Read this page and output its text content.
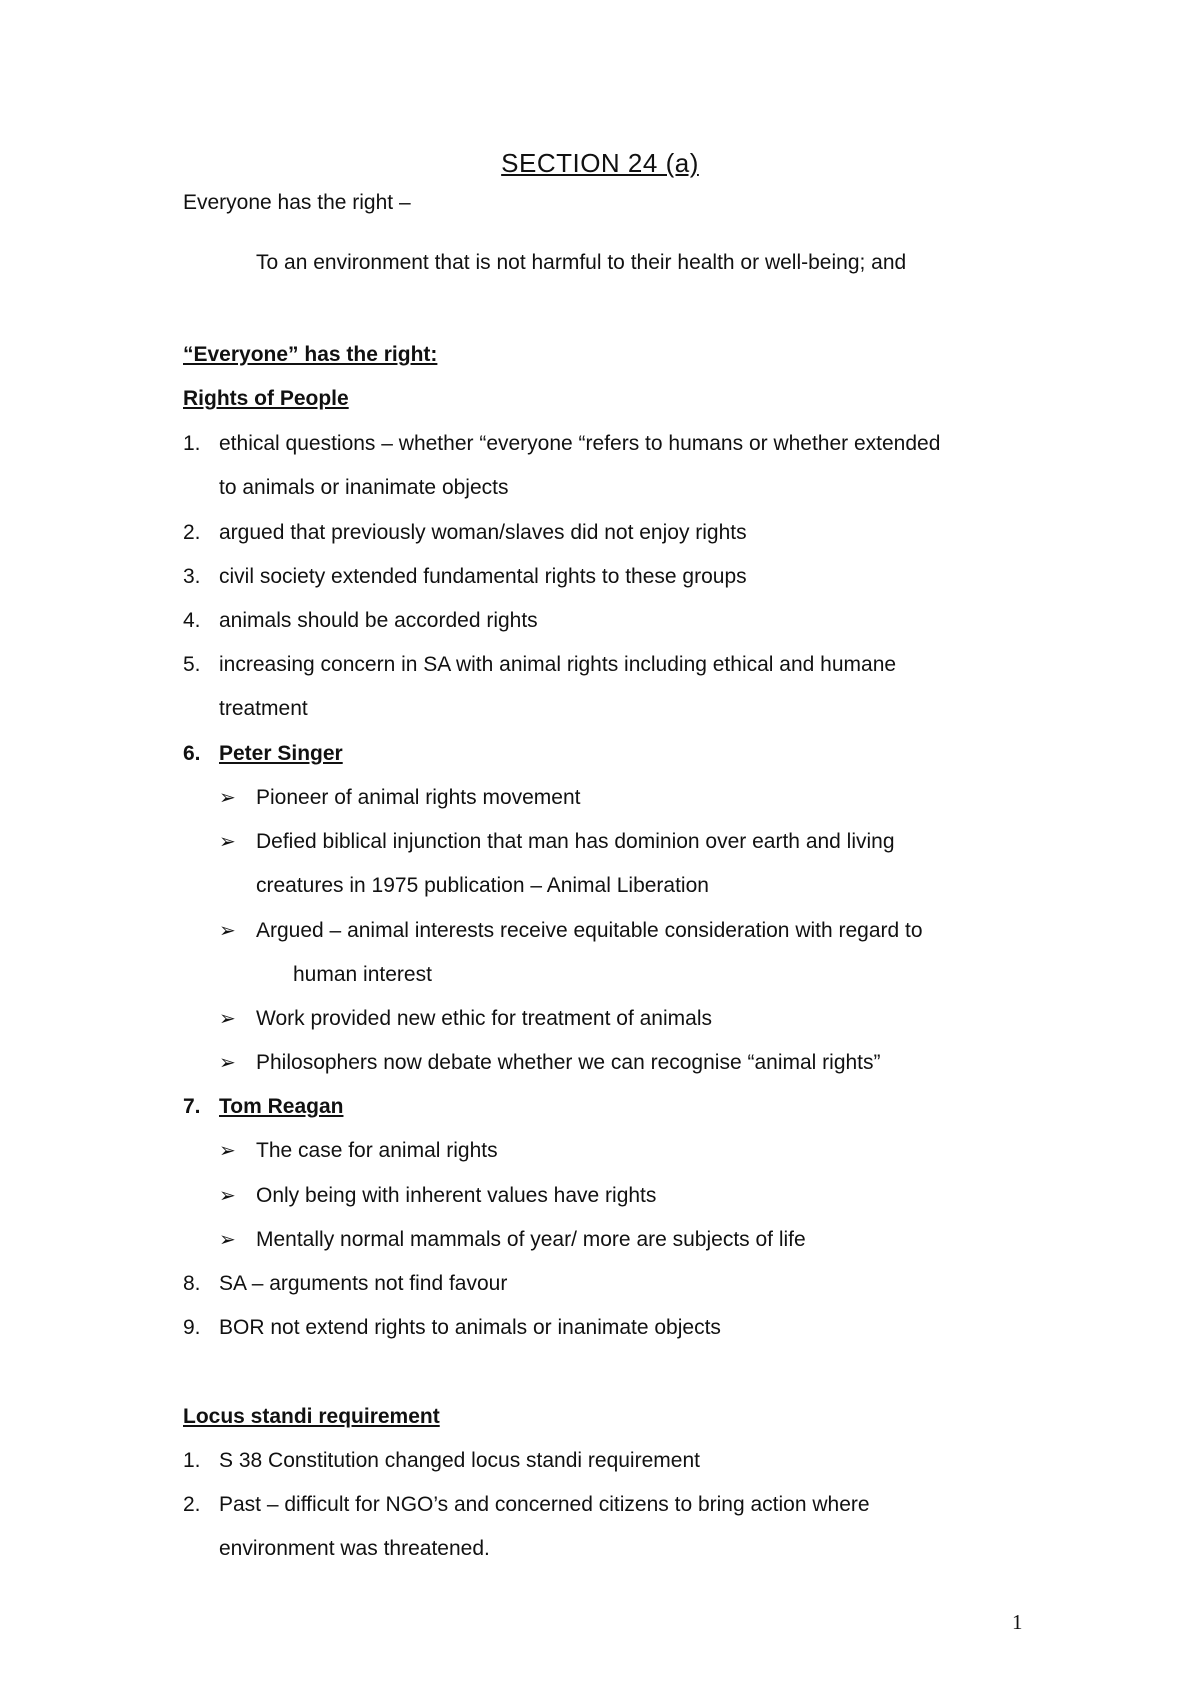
SECTION 24 (a)
Everyone has the right –
To an environment that is not harmful to their health or well-being; and
“Everyone” has the right:
Rights of People
1. ethical questions – whether “everyone “refers to humans or whether extended
to animals or inanimate objects
2. argued that previously woman/slaves did not enjoy rights
3. civil society extended fundamental rights to these groups
4. animals should be accorded rights
5. increasing concern in SA with animal rights including ethical and humane
treatment
6. Peter Singer
➢ Pioneer of animal rights movement
➢ Defied biblical injunction that man has dominion over earth and living
creatures in 1975 publication – Animal Liberation
➢ Argued – animal interests receive equitable consideration with regard to
human interest
➢ Work provided new ethic for treatment of animals
➢ Philosophers now debate whether we can recognise “animal rights”
7. Tom Reagan
➢ The case for animal rights
➢ Only being with inherent values have rights
➢ Mentally normal mammals of year/ more are subjects of life
8. SA – arguments not find favour
9. BOR not extend rights to animals or inanimate objects
Locus standi requirement
1. S 38 Constitution changed locus standi requirement
2. Past – difficult for NGO’s and concerned citizens to bring action where
environment was threatened.
1
